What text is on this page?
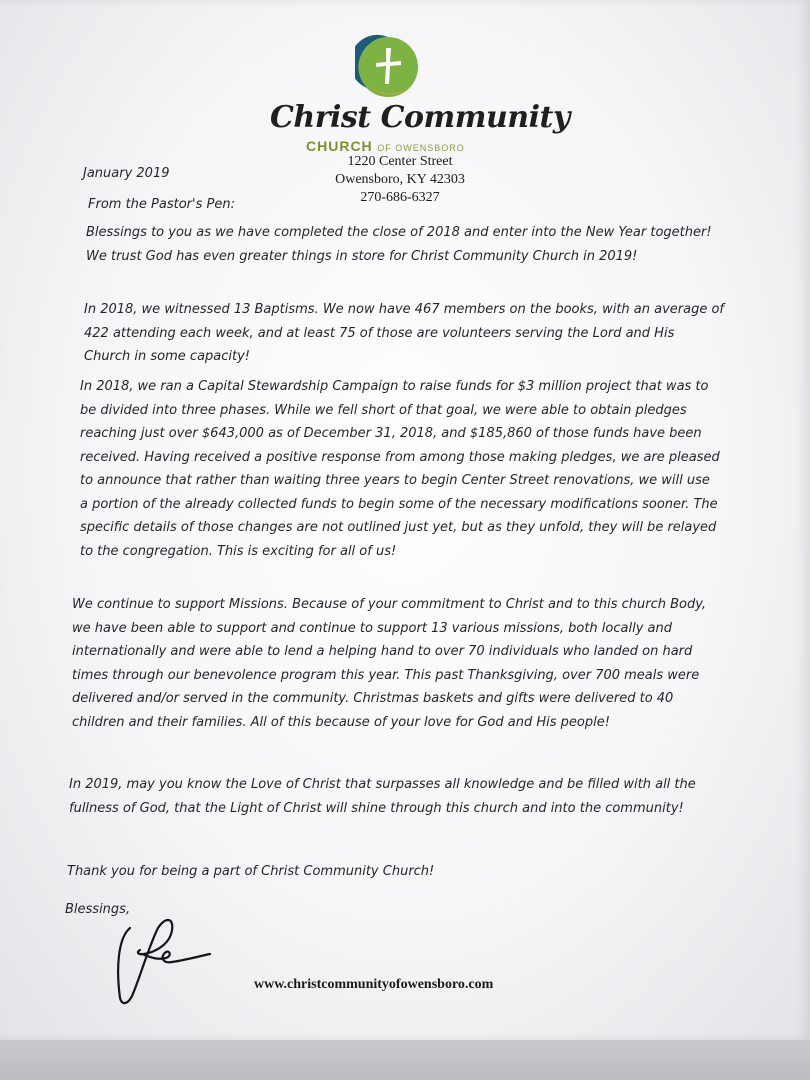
Christ Community
CHURCH OF OWENSBORO
1220 Center Street
Owensboro, KY 42303
270-686-6327
January 2019
From the Pastor's Pen:

Blessings to you as we have completed the close of 2018 and enter into the New Year together! We trust God has even greater things in store for Christ Community Church in 2019!

In 2018, we witnessed 13 Baptisms. We now have 467 members on the books, with an average of 422 attending each week, and at least 75 of those are volunteers serving the Lord and His Church in some capacity!

In 2018, we ran a Capital Stewardship Campaign to raise funds for $3 million project that was to be divided into three phases. While we fell short of that goal, we were able to obtain pledges reaching just over $643,000 as of December 31, 2018, and $185,860 of those funds have been received. Having received a positive response from among those making pledges, we are pleased to announce that rather than waiting three years to begin Center Street renovations, we will use a portion of the already collected funds to begin some of the necessary modifications sooner. The specific details of those changes are not outlined just yet, but as they unfold, they will be relayed to the congregation. This is exciting for all of us!

We continue to support Missions. Because of your commitment to Christ and to this church Body, we have been able to support and continue to support 13 various missions, both locally and internationally and were able to lend a helping hand to over 70 individuals who landed on hard times through our benevolence program this year. This past Thanksgiving, over 700 meals were delivered and/or served in the community. Christmas baskets and gifts were delivered to 40 children and their families. All of this because of your love for God and His people!

In 2019, may you know the Love of Christ that surpasses all knowledge and be filled with all the fullness of God, that the Light of Christ will shine through this church and into the community!

Thank you for being a part of Christ Community Church!

Blessings,
www.christcommunityofowensboro.com
